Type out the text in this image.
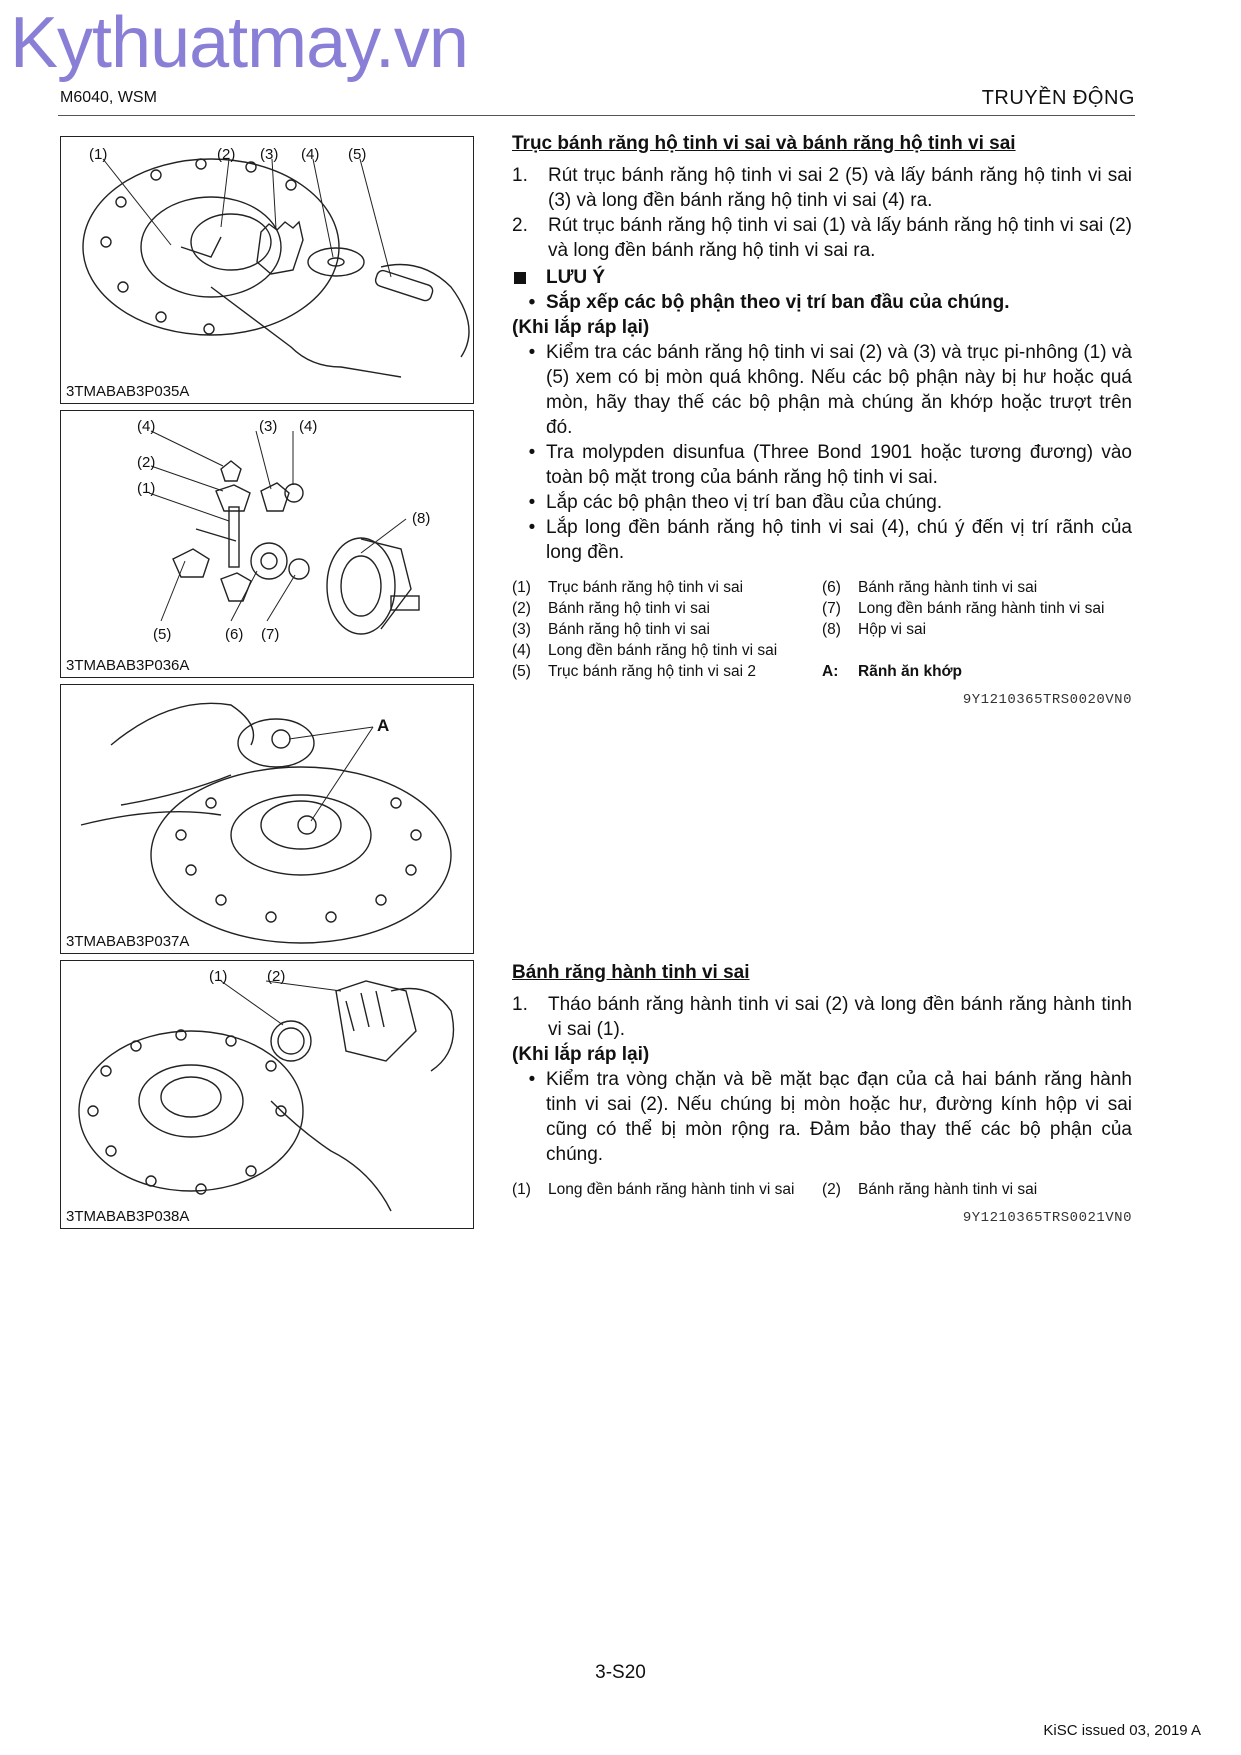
Kythuatmay.vn
M6040, WSM	TRUYỀN ĐỘNG
(1)	(2) (3) (4) (5)
3TMABAB3P035A
(4)	(3) (4)
(2)
(1)
(8)
(5)	(6) (7)
3TMABAB3P036A
A
3TMABAB3P037A
(1)	(2)
3TMABAB3P038A
Trục bánh răng hộ tinh vi sai và bánh răng hộ tinh vi sai
1.	Rút trục bánh răng hộ tinh vi sai 2 (5) và lấy bánh răng hộ tinh vi sai (3) và long đền bánh răng hộ tinh vi sai (4) ra.
2.	Rút trục bánh răng hộ tinh vi sai (1) và lấy bánh răng hộ tinh vi sai (2) và long đền bánh răng hộ tinh vi sai ra.
LƯU Ý
• Sắp xếp các bộ phận theo vị trí ban đầu của chúng.
(Khi lắp ráp lại)
• Kiểm tra các bánh răng hộ tinh vi sai (2) và (3) và trục pi-nhông (1) và (5) xem có bị mòn quá không. Nếu các bộ phận này bị hư hoặc quá mòn, hãy thay thế các bộ phận mà chúng ăn khớp hoặc trượt trên đó.
• Tra molypden disunfua (Three Bond 1901 hoặc tương đương) vào toàn bộ mặt trong của bánh răng hộ tinh vi sai.
• Lắp các bộ phận theo vị trí ban đầu của chúng.
• Lắp long đền bánh răng hộ tinh vi sai (4), chú ý đến vị trí rãnh của long đền.
(1)	Trục bánh răng hộ tinh vi sai	(6)	Bánh răng hành tinh vi sai
(2)	Bánh răng hộ tinh vi sai	(7)	Long đền bánh răng hành tinh vi sai
(3)	Bánh răng hộ tinh vi sai	(8)	Hộp vi sai
(4)	Long đền bánh răng hộ tinh vi sai
(5)	Trục bánh răng hộ tinh vi sai 2	A:	Rãnh ăn khớp
9Y1210365TRS0020VN0
Bánh răng hành tinh vi sai
1.	Tháo bánh răng hành tinh vi sai (2) và long đền bánh răng hành tinh vi sai (1).
(Khi lắp ráp lại)
• Kiểm tra vòng chặn và bề mặt bạc đạn của cả hai bánh răng hành tinh vi sai (2). Nếu chúng bị mòn hoặc hư, đường kính hộp vi sai cũng có thể bị mòn rộng ra. Đảm bảo thay thế các bộ phận của chúng.
(1)	Long đền bánh răng hành tinh vi sai (2)	Bánh răng hành tinh vi sai
9Y1210365TRS0021VN0
3-S20
KiSC issued 03, 2019 A
